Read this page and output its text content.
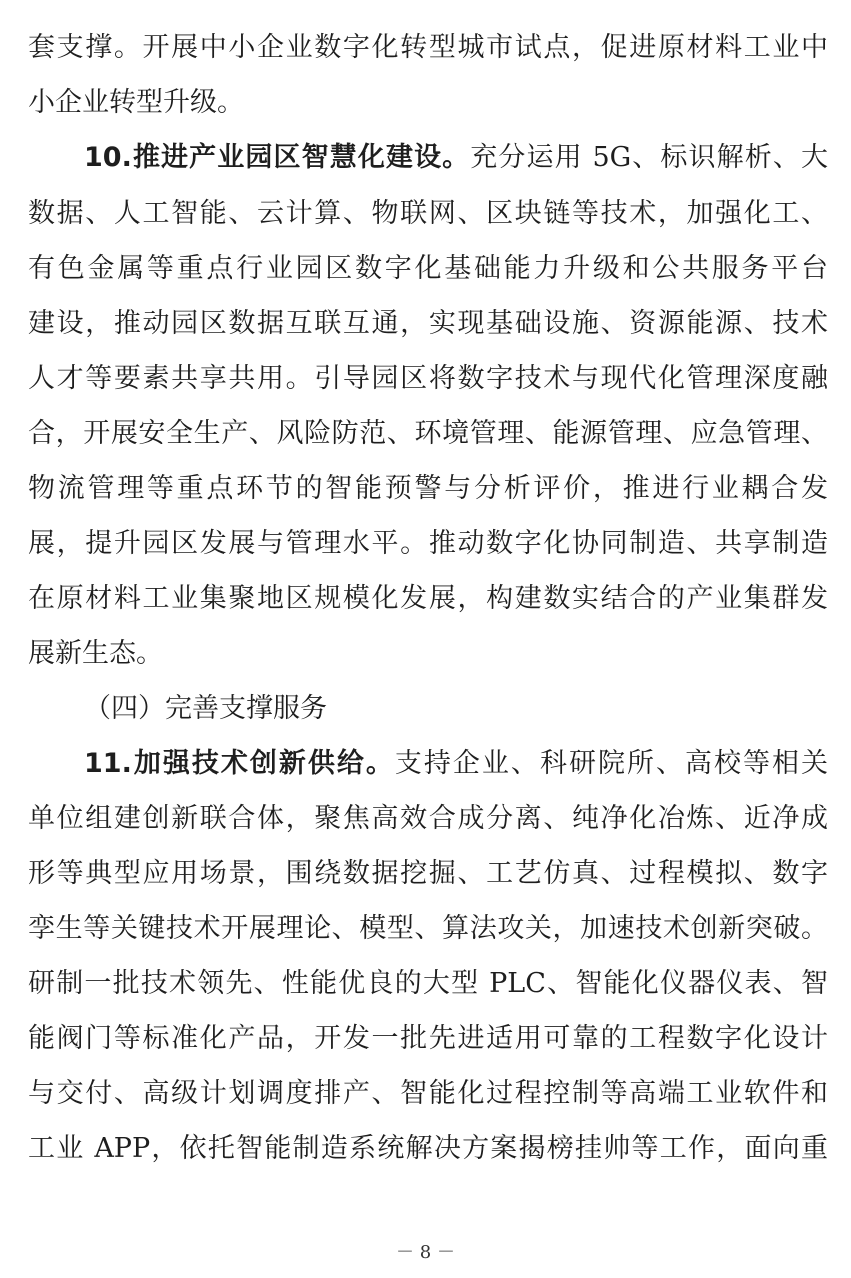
套支撑。开展中小企业数字化转型城市试点，促进原材料工业中
小企业转型升级。
10.推进产业园区智慧化建设。充分运用 5G、标识解析、大
数据、人工智能、云计算、物联网、区块链等技术，加强化工、
有色金属等重点行业园区数字化基础能力升级和公共服务平台
建设，推动园区数据互联互通，实现基础设施、资源能源、技术
人才等要素共享共用。引导园区将数字技术与现代化管理深度融
合，开展安全生产、风险防范、环境管理、能源管理、应急管理、
物流管理等重点环节的智能预警与分析评价，推进行业耦合发
展，提升园区发展与管理水平。推动数字化协同制造、共享制造
在原材料工业集聚地区规模化发展，构建数实结合的产业集群发
展新生态。
（四）完善支撑服务
11.加强技术创新供给。支持企业、科研院所、高校等相关
单位组建创新联合体，聚焦高效合成分离、纯净化冶炼、近净成
形等典型应用场景，围绕数据挖掘、工艺仿真、过程模拟、数字
孪生等关键技术开展理论、模型、算法攻关，加速技术创新突破。
研制一批技术领先、性能优良的大型 PLC、智能化仪器仪表、智
能阀门等标准化产品，开发一批先进适用可靠的工程数字化设计
与交付、高级计划调度排产、智能化过程控制等高端工业软件和
工业 APP，依托智能制造系统解决方案揭榜挂帅等工作，面向重
－ 8 －
